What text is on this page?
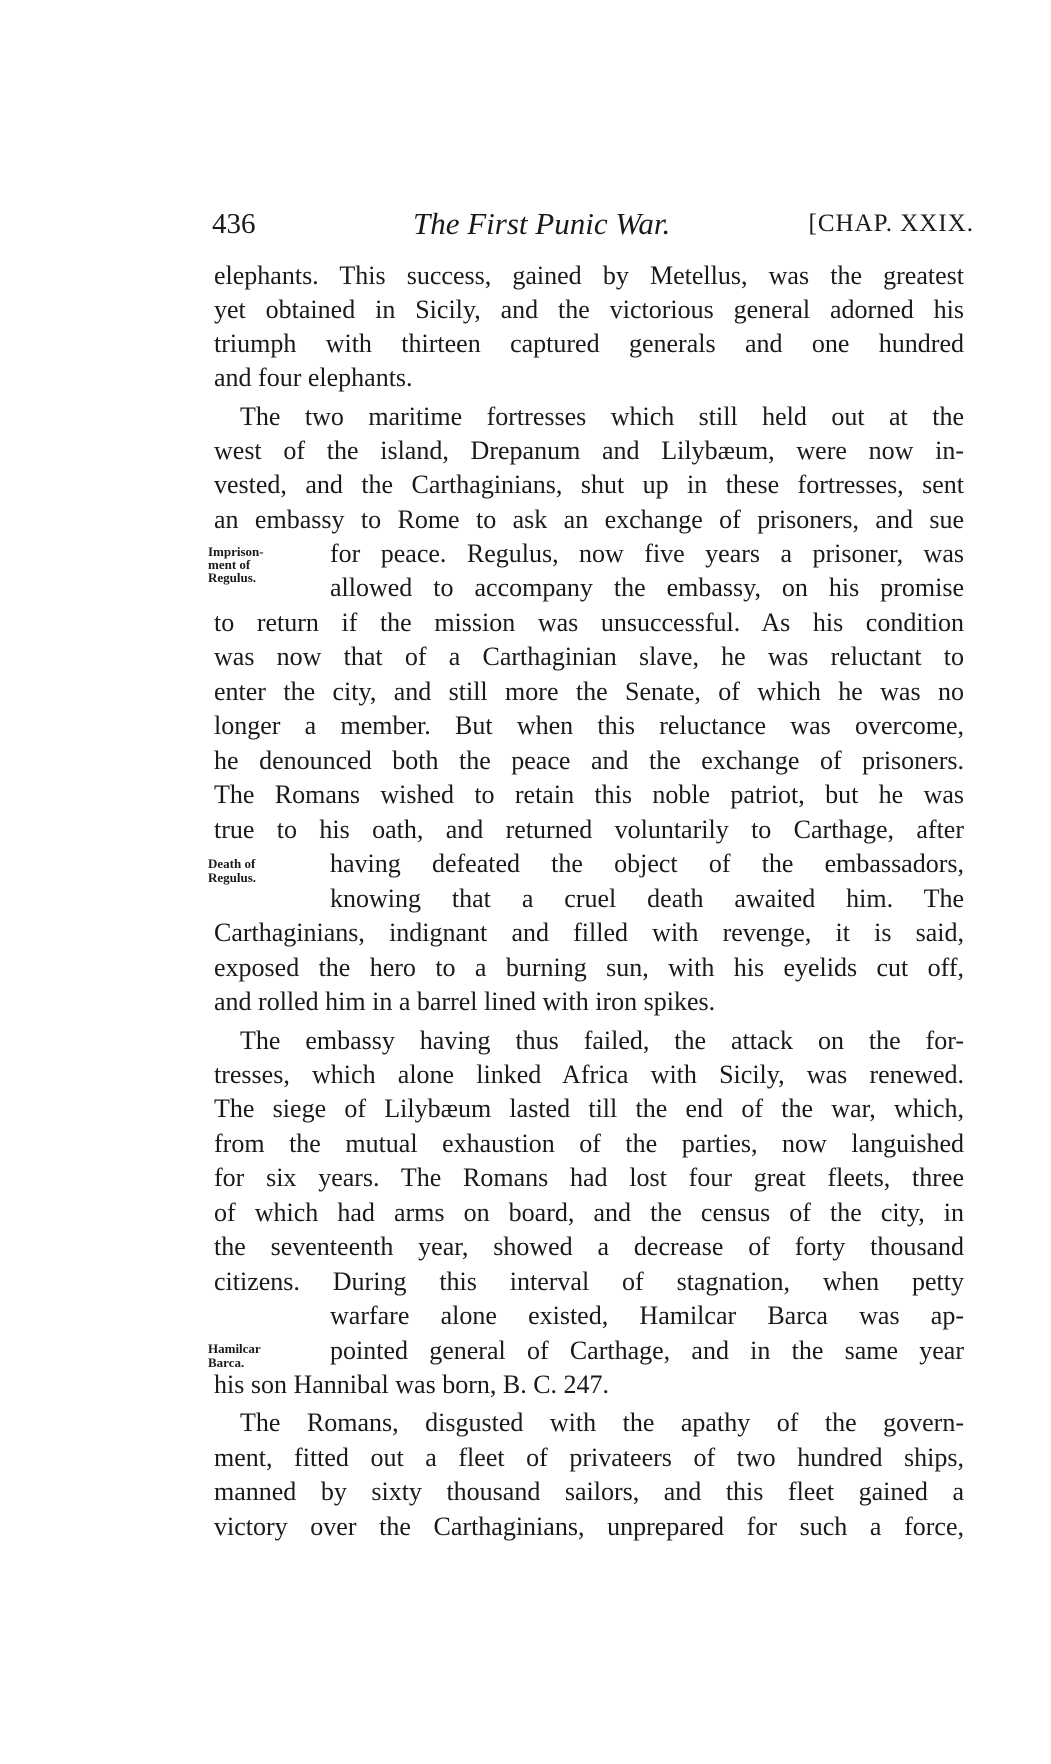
436	The First Punic War.	[CHAP. XXIX.
Imprison-
ment of
Regulus.
Death of
Regulus.
Hamilcar
Barca.
elephants. This success, gained by Metellus, was the greatest
yet obtained in Sicily, and the victorious general adorned his
triumph with thirteen captured generals and one hundred
and four elephants.
The two maritime fortresses which still held out at the
west of the island, Drepanum and Lilybæum, were now in-
vested, and the Carthaginians, shut up in these fortresses, sent
an embassy to Rome to ask an exchange of prisoners, and sue
for peace. Regulus, now five years a prisoner, was
allowed to accompany the embassy, on his promise
to return if the mission was unsuccessful. As his condition
was now that of a Carthaginian slave, he was reluctant to
enter the city, and still more the Senate, of which he was no
longer a member. But when this reluctance was overcome,
he denounced both the peace and the exchange of prisoners.
The Romans wished to retain this noble patriot, but he was
true to his oath, and returned voluntarily to Carthage, after
having defeated the object of the embassadors,
knowing that a cruel death awaited him. The
Carthaginians, indignant and filled with revenge, it is said,
exposed the hero to a burning sun, with his eyelids cut off,
and rolled him in a barrel lined with iron spikes.
The embassy having thus failed, the attack on the for-
tresses, which alone linked Africa with Sicily, was renewed.
The siege of Lilybæum lasted till the end of the war, which,
from the mutual exhaustion of the parties, now languished
for six years. The Romans had lost four great fleets, three
of which had arms on board, and the census of the city, in
the seventeenth year, showed a decrease of forty thousand
citizens. During this interval of stagnation, when petty
warfare alone existed, Hamilcar Barca was ap-
pointed general of Carthage, and in the same year
his son Hannibal was born, B. C. 247.
The Romans, disgusted with the apathy of the govern-
ment, fitted out a fleet of privateers of two hundred ships,
manned by sixty thousand sailors, and this fleet gained a
victory over the Carthaginians, unprepared for such a force,
